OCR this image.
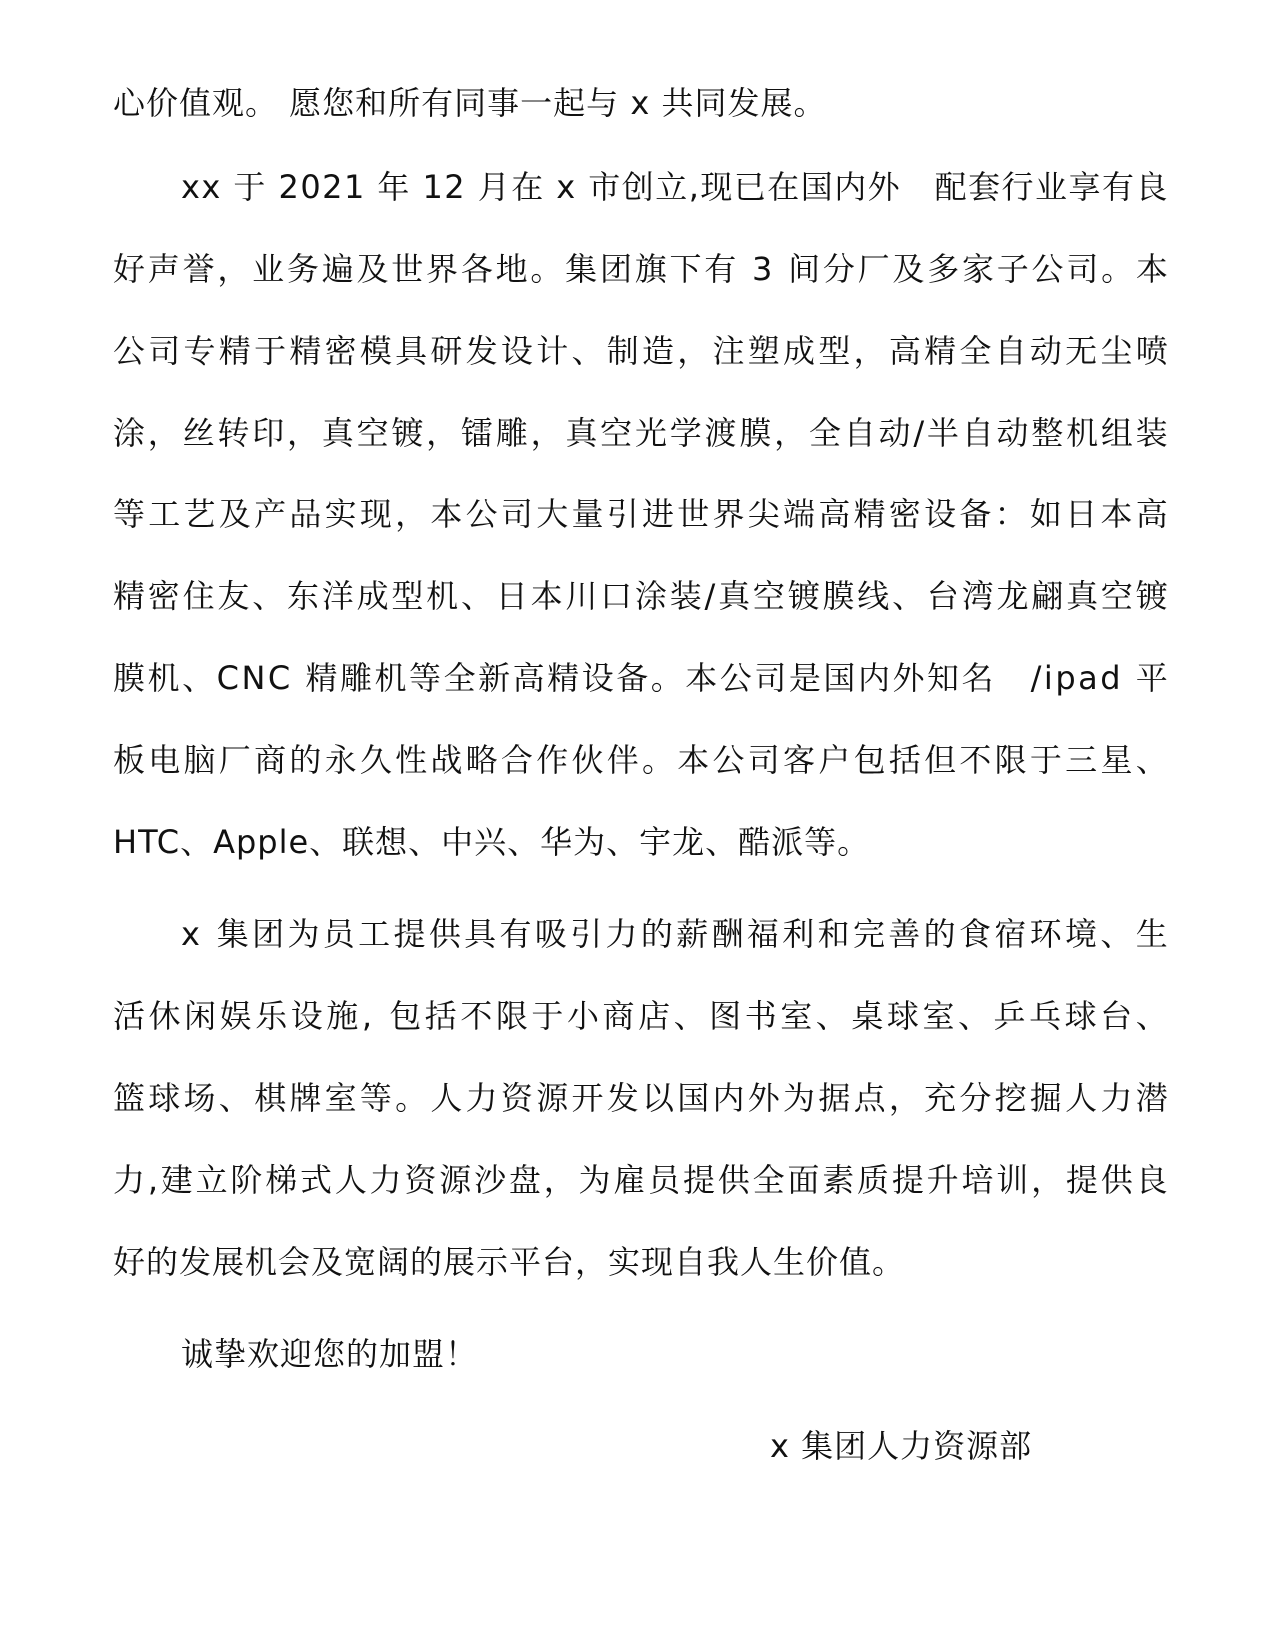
心价值观。 愿您和所有同事一起与 x 共同发展。
x x
于
2 0 2 1
年
1 2
月 在
x
市 创 立 , 现 已 在 国 内 外
　 配 套 行 业 享 有 良
好 声 誉 ， 业 务 遍 及 世 界 各 地 。 集 团 旗 下 有
3
间 分 厂 及 多 家 子 公 司 。 本
公 司 专 精 于 精 密 模 具 研 发 设 计 、 制 造 ， 注 塑 成 型 ， 高 精 全 自 动 无 尘 喷
涂 ， 丝 转 印 ， 真 空 镀 ， 镭 雕 ， 真 空 光 学 渡 膜 ， 全 自 动 / 半 自 动 整 机 组 装
等 工 艺 及 产 品 实 现 ， 本 公 司 大 量 引 进 世 界 尖 端 高 精 密 设 备 ： 如 日 本 高
精 密 住 友 、 东 洋 成 型 机 、 日 本 川 口 涂 装 / 真 空 镀 膜 线 、 台 湾 龙 翩 真 空 镀
膜 机 、 C N C
精 雕 机 等 全 新 高 精 设 备 。 本 公 司 是 国 内 外 知 名
　 / i p a d
平
板 电 脑 厂 商 的 永 久 性 战 略 合 作 伙 伴 。 本 公 司 客 户 包 括 但 不 限 于 三 星 、
HTC、Apple、联想、中兴、华为、宇龙、酷派等。
x
集 团 为 员 工 提 供 具 有 吸 引 力 的 薪 酬 福 利 和 完 善 的 食 宿 环 境 、 生
活 休 闲 娱 乐 设 施 ,
包 括 不 限 于 小 商 店 、 图 书 室 、 桌 球 室 、 乒 乓 球 台 、
篮 球 场 、 棋 牌 室 等 。 人 力 资 源 开 发 以 国 内 外 为 据 点 ， 充 分 挖 掘 人 力 潜
力 , 建 立 阶 梯 式 人 力 资 源 沙 盘 ， 为 雇 员 提 供 全 面 素 质 提 升 培 训 ， 提 供 良
好的发展机会及宽阔的展示平台，实现自我人生价值。
诚挚欢迎您的加盟！
x 集团人力资源部
